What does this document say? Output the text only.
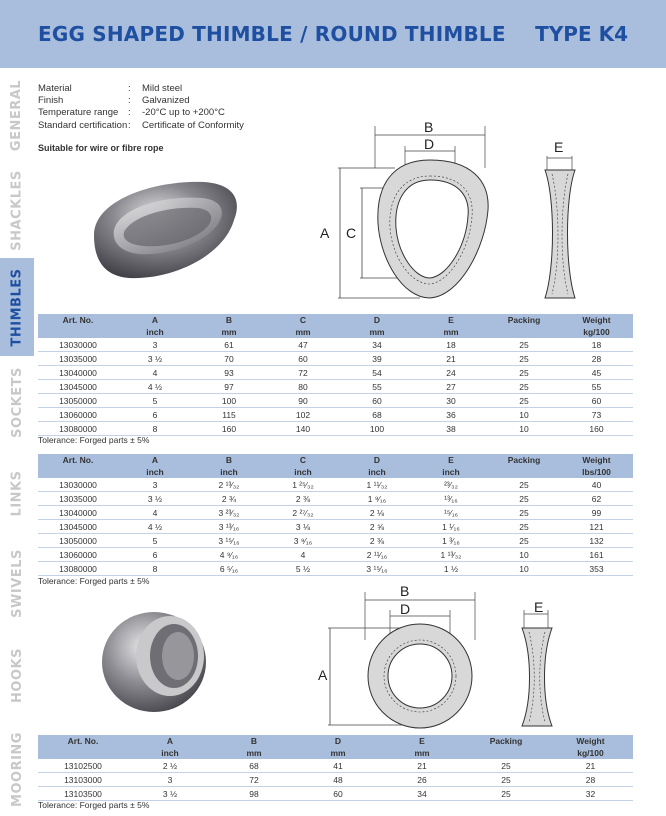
EGG SHAPED THIMBLE / ROUND THIMBLE TYPE K4
GENERAL
SHACKLES
THIMBLES
SOCKETS
LINKS
SWIVELS
HOOKS
MOORING
Material	:	Mild steel
Finish	:	Galvanized
Temperature range	:	-20°C up to +200°C
Standard certification :	Certificate of Conformity
Suitable for wire or fibre rope
B
D
A C
E
Art. No.	A	B	C	D	E	Packing	Weight
	inch	mm	mm	mm	mm		kg/100
13030000	3	61	47	34	18	25	18
13035000	3 ½	70	60	39	21	25	28
13040000	4	93	72	54	24	25	45
13045000	4 ½	97	80	55	27	25	55
13050000	5	100	90	60	30	25	60
13060000	6	115	102	68	36	10	73
13080000	8	160	140	100	38	10	160
Tolerance: Forged parts ± 5%
Art. No.	A	B	C	D	E	Packing	Weight
	inch	inch	inch	inch	inch		lbs/100
13030000	3	2 ¹³⁄₃₂	1 ²⁵⁄₃₂	1 ¹¹⁄₃₂	²³⁄₃₂	25	40
13035000	3 ½	2 ¾	2 ⅜	1 ⁹⁄₁₆	¹³⁄₁₆	25	62
13040000	4	3 ²³⁄₃₂	2 ²⁷⁄₃₂	2 ⅛	¹⁵⁄₁₆	25	99
13045000	4 ½	3 ¹³⁄₁₆	3 ⅛	2 ⅝	1 ¹⁄₁₆	25	121
13050000	5	3 ¹⁵⁄₁₆	3 ⁹⁄₁₆	2 ⅜	1 ³⁄₁₆	25	132
13060000	6	4 ⁹⁄₁₆	4	2 ¹¹⁄₁₆	1 ¹³⁄₃₂	10	161
13080000	8	6 ⁵⁄₁₆	5 ½	3 ¹⁵⁄₁₆	1 ½	10	353
Tolerance: Forged parts ± 5%
B
D
A
E
Art. No.	A	B	D	E	Packing	Weight
	inch	mm	mm	mm		kg/100
13102500	2 ½	68	41	21	25	21
13103000	3	72	48	26	25	28
13103500	3 ½	98	60	34	25	32
Tolerance: Forged parts ± 5%
